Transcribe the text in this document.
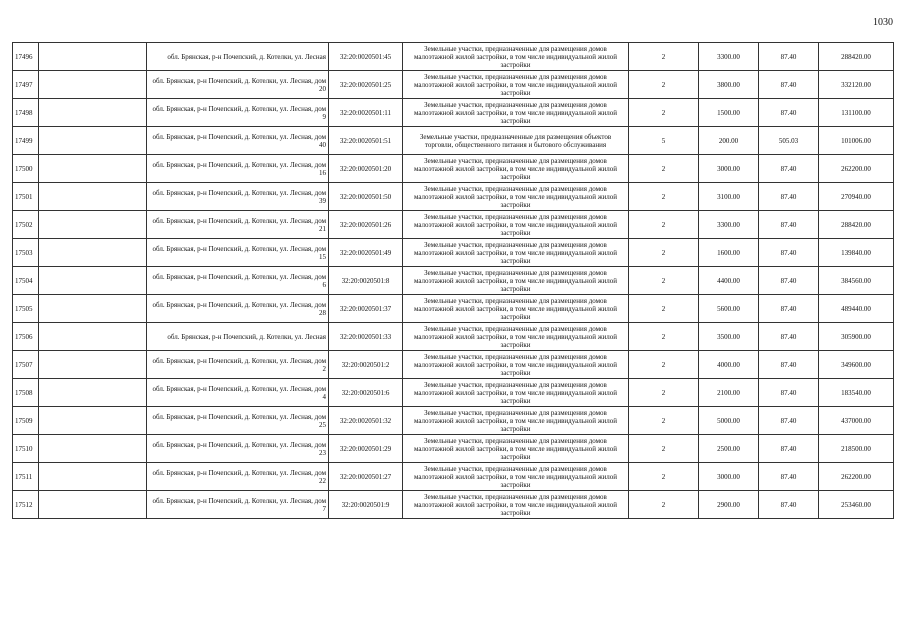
1030
17496		обл. Брянская, р-н Почепский, д. Котелки, ул. Лесная	32:20:0020501:45	Земельные участки, предназначенные для размещения домов малоэтажной жилой застройки, в том числе индивидуальной жилой застройки	2	3300.00	87.40	288420.00
17497		обл. Брянская, р-н Почепский, д. Котелки, ул. Лесная, дом 20	32:20:0020501:25	Земельные участки, предназначенные для размещения домов малоэтажной жилой застройки, в том числе индивидуальной жилой застройки	2	3800.00	87.40	332120.00
17498		обл. Брянская, р-н Почепский, д. Котелки, ул. Лесная, дом 9	32:20:0020501:11	Земельные участки, предназначенные для размещения домов малоэтажной жилой застройки, в том числе индивидуальной жилой застройки	2	1500.00	87.40	131100.00
17499		обл. Брянская, р-н Почепский, д. Котелки, ул. Лесная, дом 40	32:20:0020501:51	Земельные участки, предназначенные для размещения объектов торговли, общественного питания и бытового обслуживания	5	200.00	505.03	101006.00
17500		обл. Брянская, р-н Почепский, д. Котелки, ул. Лесная, дом 16	32:20:0020501:20	Земельные участки, предназначенные для размещения домов малоэтажной жилой застройки, в том числе индивидуальной жилой застройки	2	3000.00	87.40	262200.00
17501		обл. Брянская, р-н Почепский, д. Котелки, ул. Лесная, дом 39	32:20:0020501:50	Земельные участки, предназначенные для размещения домов малоэтажной жилой застройки, в том числе индивидуальной жилой застройки	2	3100.00	87.40	270940.00
17502		обл. Брянская, р-н Почепский, д. Котелки, ул. Лесная, дом 21	32:20:0020501:26	Земельные участки, предназначенные для размещения домов малоэтажной жилой застройки, в том числе индивидуальной жилой застройки	2	3300.00	87.40	288420.00
17503		обл. Брянская, р-н Почепский, д. Котелки, ул. Лесная, дом 15	32:20:0020501:49	Земельные участки, предназначенные для размещения домов малоэтажной жилой застройки, в том числе индивидуальной жилой застройки	2	1600.00	87.40	139840.00
17504		обл. Брянская, р-н Почепский, д. Котелки, ул. Лесная, дом 6	32:20:0020501:8	Земельные участки, предназначенные для размещения домов малоэтажной жилой застройки, в том числе индивидуальной жилой застройки	2	4400.00	87.40	384560.00
17505		обл. Брянская, р-н Почепский, д. Котелки, ул. Лесная, дом 28	32:20:0020501:37	Земельные участки, предназначенные для размещения домов малоэтажной жилой застройки, в том числе индивидуальной жилой застройки	2	5600.00	87.40	489440.00
17506		обл. Брянская, р-н Почепский, д. Котелки, ул. Лесная	32:20:0020501:33	Земельные участки, предназначенные для размещения домов малоэтажной жилой застройки, в том числе индивидуальной жилой застройки	2	3500.00	87.40	305900.00
17507		обл. Брянская, р-н Почепский, д. Котелки, ул. Лесная, дом 2	32:20:0020501:2	Земельные участки, предназначенные для размещения домов малоэтажной жилой застройки, в том числе индивидуальной жилой застройки	2	4000.00	87.40	349600.00
17508		обл. Брянская, р-н Почепский, д. Котелки, ул. Лесная, дом 4	32:20:0020501:6	Земельные участки, предназначенные для размещения домов малоэтажной жилой застройки, в том числе индивидуальной жилой застройки	2	2100.00	87.40	183540.00
17509		обл. Брянская, р-н Почепский, д. Котелки, ул. Лесная, дом 25	32:20:0020501:32	Земельные участки, предназначенные для размещения домов малоэтажной жилой застройки, в том числе индивидуальной жилой застройки	2	5000.00	87.40	437000.00
17510		обл. Брянская, р-н Почепский, д. Котелки, ул. Лесная, дом 23	32:20:0020501:29	Земельные участки, предназначенные для размещения домов малоэтажной жилой застройки, в том числе индивидуальной жилой застройки	2	2500.00	87.40	218500.00
17511		обл. Брянская, р-н Почепский, д. Котелки, ул. Лесная, дом 22	32:20:0020501:27	Земельные участки, предназначенные для размещения домов малоэтажной жилой застройки, в том числе индивидуальной жилой застройки	2	3000.00	87.40	262200.00
17512		обл. Брянская, р-н Почепский, д. Котелки, ул. Лесная, дом 7	32:20:0020501:9	Земельные участки, предназначенные для размещения домов малоэтажной жилой застройки, в том числе индивидуальной жилой застройки	2	2900.00	87.40	253460.00
